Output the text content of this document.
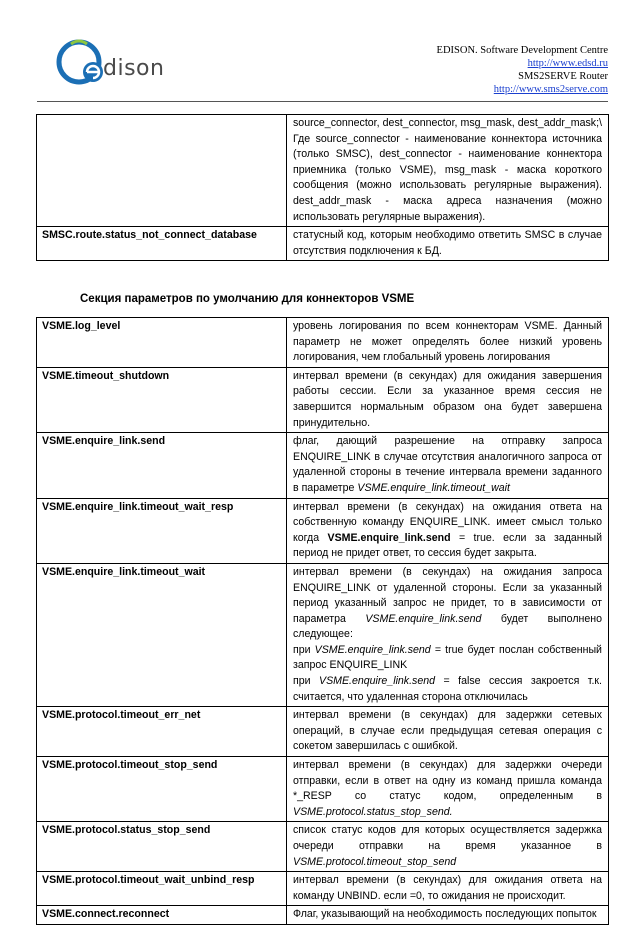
dison
EDISON. Software Development Centre
http://www.edsd.ru
SMS2SERVE Router
http://www.sms2serve.com

	source_connector, dest_connector, msg_mask, dest_addr_mask;\
Где source_connector - наименование коннектора источника (только SMSC), dest_connector - наименование коннектора приемника (только VSME), msg_mask - маска короткого сообщения (можно использовать регулярные выражения). dest_addr_mask - маска адреса назначения (можно использовать регулярные выражения).

SMSC.route.status_not_connect_database	статусный код, которым необходимо ответить SMSC в случае отсутствия подключения к БД.
Секция параметров по умолчанию для коннекторов VSME
VSME.log_level	уровень логирования по всем коннекторам VSME. Данный параметр не может определять более низкий уровень логирования, чем глобальный уровень логирования
VSME.timeout_shutdown	интервал времени (в секундах) для ожидания завершения работы сессии. Если за указанное время сессия не завершится нормальным образом она будет завершена принудительно.
VSME.enquire_link.send	флаг, дающий разрешение на отправку запроса ENQUIRE_LINK в случае отсутствия аналогичного запроса от удаленной стороны в течение интервала времени заданного в параметре VSME.enquire_link.timeout_wait
VSME.enquire_link.timeout_wait_resp	интервал времени (в секундах) на ожидания ответа на собственную команду ENQUIRE_LINK. имеет смысл только когда VSME.enquire_link.send = true. если за заданный период не придет ответ, то сессия будет закрыта.
VSME.enquire_link.timeout_wait	интервал времени (в секундах) на ожидания запроса ENQUIRE_LINK от удаленной стороны. Если за указанный период указанный запрос не придет, то в зависимости от параметра VSME.enquire_link.send будет выполнено следующее:
при VSME.enquire_link.send = true будет послан собственный запрос ENQUIRE_LINK
при VSME.enquire_link.send = false сессия закроется т.к. считается, что удаленная сторона отключилась

VSME.protocol.timeout_err_net	интервал времени (в секундах) для задержки сетевых операций, в случае если предыдущая сетевая операция с сокетом завершилась с ошибкой.
VSME.protocol.timeout_stop_send	интервал времени (в секундах) для задержки очереди отправки, если в ответ на одну из команд пришла команда *_RESP со статус кодом, определенным в VSME.protocol.status_stop_send.
VSME.protocol.status_stop_send	список статус кодов для которых осуществляется задержка очереди отправки на время указанное в VSME.protocol.timeout_stop_send
VSME.protocol.timeout_wait_unbind_resp	интервал времени (в секундах) для ожидания ответа на команду UNBIND. если =0, то ожидания не происходит.
VSME.connect.reconnect	Флаг, указывающий на необходимость последующих попыток
